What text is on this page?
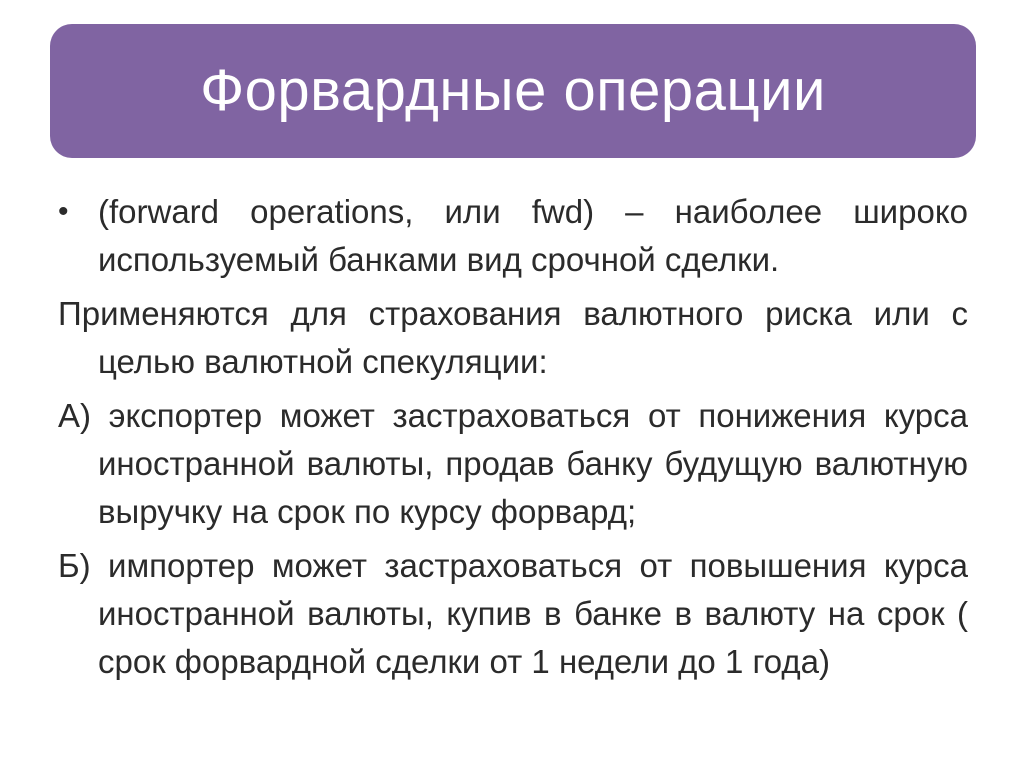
Форвардные операции
• (forward operations, или fwd) – наиболее широко используемый банками вид срочной сделки.

Применяются для страхования валютного риска или с целью валютной спекуляции:

А) экспортер может застраховаться от понижения курса иностранной валюты, продав банку будущую валютную выручку на срок по курсу форвард;

Б) импортер может застраховаться от повышения курса иностранной валюты, купив в банке в валюту на срок ( срок форвардной сделки от 1 недели до 1 года)
